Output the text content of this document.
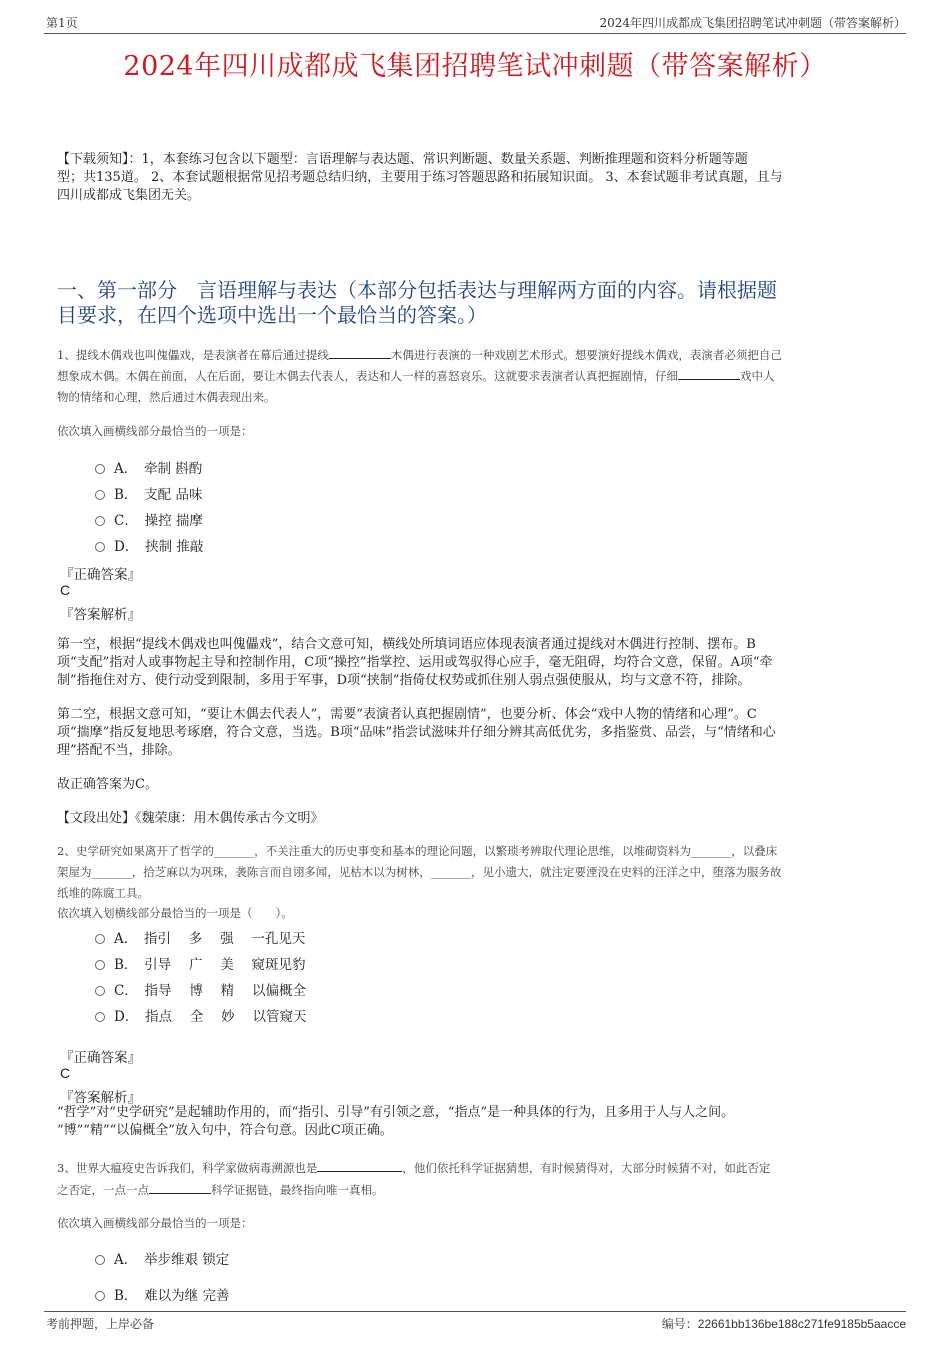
第1页	2024年四川成都成飞集团招聘笔试冲刺题（带答案解析）
2024年四川成都成飞集团招聘笔试冲刺题（带答案解析）
【下载须知】：1，本套练习包含以下题型：言语理解与表达题、常识判断题、数量关系题、判断推理题和资料分析题等题
型；共135道。 2、本套试题根据常见招考题总结归纳，主要用于练习答题思路和拓展知识面。 3、本套试题非考试真题，且与
四川成都成飞集团无关。
一、第一部分　言语理解与表达（本部分包括表达与理解两方面的内容。请根据题
目要求，在四个选项中选出一个最恰当的答案。）
1、提线木偶戏也叫傀儡戏，是表演者在幕后通过提线	木偶进行表演的一种戏剧艺术形式。想要演好提线木偶戏，表演者必须把自己
想象成木偶。木偶在前面，人在后面，要让木偶去代表人，表达和人一样的喜怒哀乐。这就要求表演者认真把握剧情，仔细	戏中人
物的情绪和心理，然后通过木偶表现出来。
依次填入画横线部分最恰当的一项是：
A．　牵制 斟酌
B．　支配 品味
C．　操控 揣摩
D．　挟制 推敲
『正确答案』
C
『答案解析』
第一空，根据“提线木偶戏也叫傀儡戏”，结合文意可知，横线处所填词语应体现表演者通过提线对木偶进行控制、摆布。B
项“支配”指对人或事物起主导和控制作用，C项“操控”指掌控、运用或驾驭得心应手，毫无阻碍，均符合文意，保留。A项“牵
制”指拖住对方、使行动受到限制，多用于军事，D项“挟制”指倚仗权势或抓住别人弱点强使服从，均与文意不符，排除。
第二空，根据文意可知，“要让木偶去代表人”，需要“表演者认真把握剧情”，也要分析、体会“戏中人物的情绪和心理”。C
项“揣摩”指反复地思考琢磨，符合文意，当选。B项“品味”指尝试滋味并仔细分辨其高低优劣，多指鉴赏、品尝，与“情绪和心
理”搭配不当，排除。
故正确答案为C。
【文段出处】《魏荣康：用木偶传承古今文明》
2、史学研究如果离开了哲学的_______，不关注重大的历史事变和基本的理论问题，以繁琐考辨取代理论思维，以堆砌资料为_______，以叠床
架屋为_______，拾芝麻以为巩珠，袭陈言而自诩多闻，见枯木以为树林，_______，见小遗大，就注定要湮没在史料的汪洋之中，堕落为服务故
纸堆的陈腐工具。
依次填入划横线部分最恰当的一项是（　　）。
A．　指引　 多　 强　 一孔见天
B．　引导　 广　 美　 窥斑见豹
C．　指导　 博　 精　 以偏概全
D．　指点　 全　 妙　 以管窥天
『正确答案』
C
『答案解析』
“哲学”对“史学研究”是起辅助作用的，而“指引、引导”有引领之意，“指点”是一种具体的行为，且多用于人与人之间。
“博”“精”“以偏概全”放入句中，符合句意。因此C项正确。
3、世界大瘟疫史告诉我们，科学家做病毒溯源也是	，他们依托科学证据猜想，有时候猜得对，大部分时候猜不对，如此否定
之否定，一点一点	科学证据链，最终指向唯一真相。
依次填入画横线部分最恰当的一项是：
A．　举步维艰 锁定
B．　难以为继 完善
考前押题，上岸必备	编号：22661bb136be188c271fe9185b5aacce
